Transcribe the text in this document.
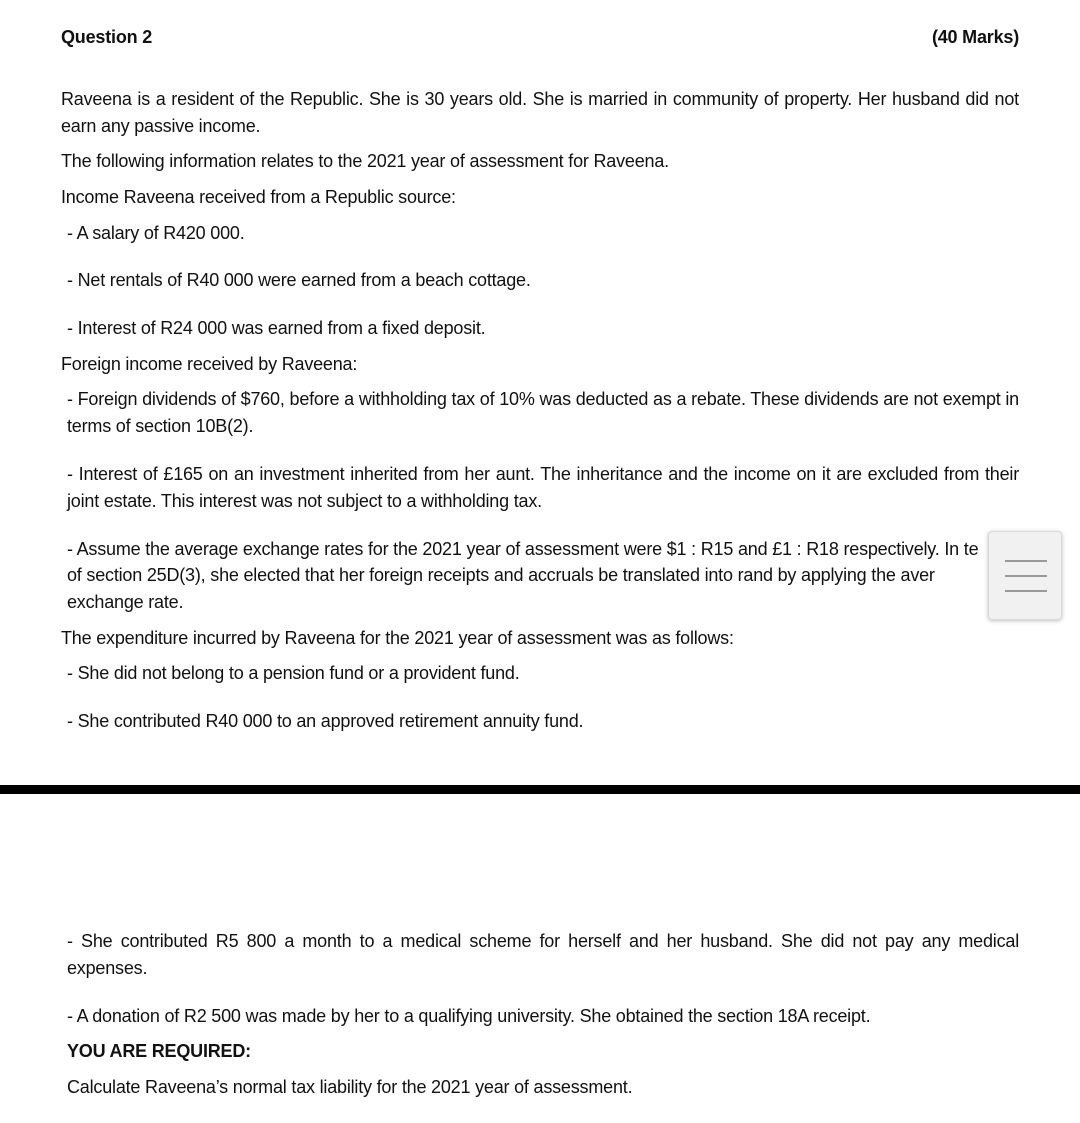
Question 2	(40 Marks)
Raveena is a resident of the Republic. She is 30 years old. She is married in community of property. Her husband did not earn any passive income.
The following information relates to the 2021 year of assessment for Raveena.
Income Raveena received from a Republic source:
- A salary of R420 000.
- Net rentals of R40 000 were earned from a beach cottage.
- Interest of R24 000 was earned from a fixed deposit.
Foreign income received by Raveena:
- Foreign dividends of $760, before a withholding tax of 10% was deducted as a rebate. These dividends are not exempt in terms of section 10B(2).
- Interest of £165 on an investment inherited from her aunt. The inheritance and the income on it are excluded from their joint estate. This interest was not subject to a withholding tax.
- Assume the average exchange rates for the 2021 year of assessment were $1 : R15 and £1 : R18 respectively. In te
of section 25D(3), she elected that her foreign receipts and accruals be translated into rand by applying the aver
exchange rate.
The expenditure incurred by Raveena for the 2021 year of assessment was as follows:
- She did not belong to a pension fund or a provident fund.
- She contributed R40 000 to an approved retirement annuity fund.
- She contributed R5 800 a month to a medical scheme for herself and her husband. She did not pay any medical expenses.
- A donation of R2 500 was made by her to a qualifying university. She obtained the section 18A receipt.
YOU ARE REQUIRED:
Calculate Raveena’s normal tax liability for the 2021 year of assessment.
